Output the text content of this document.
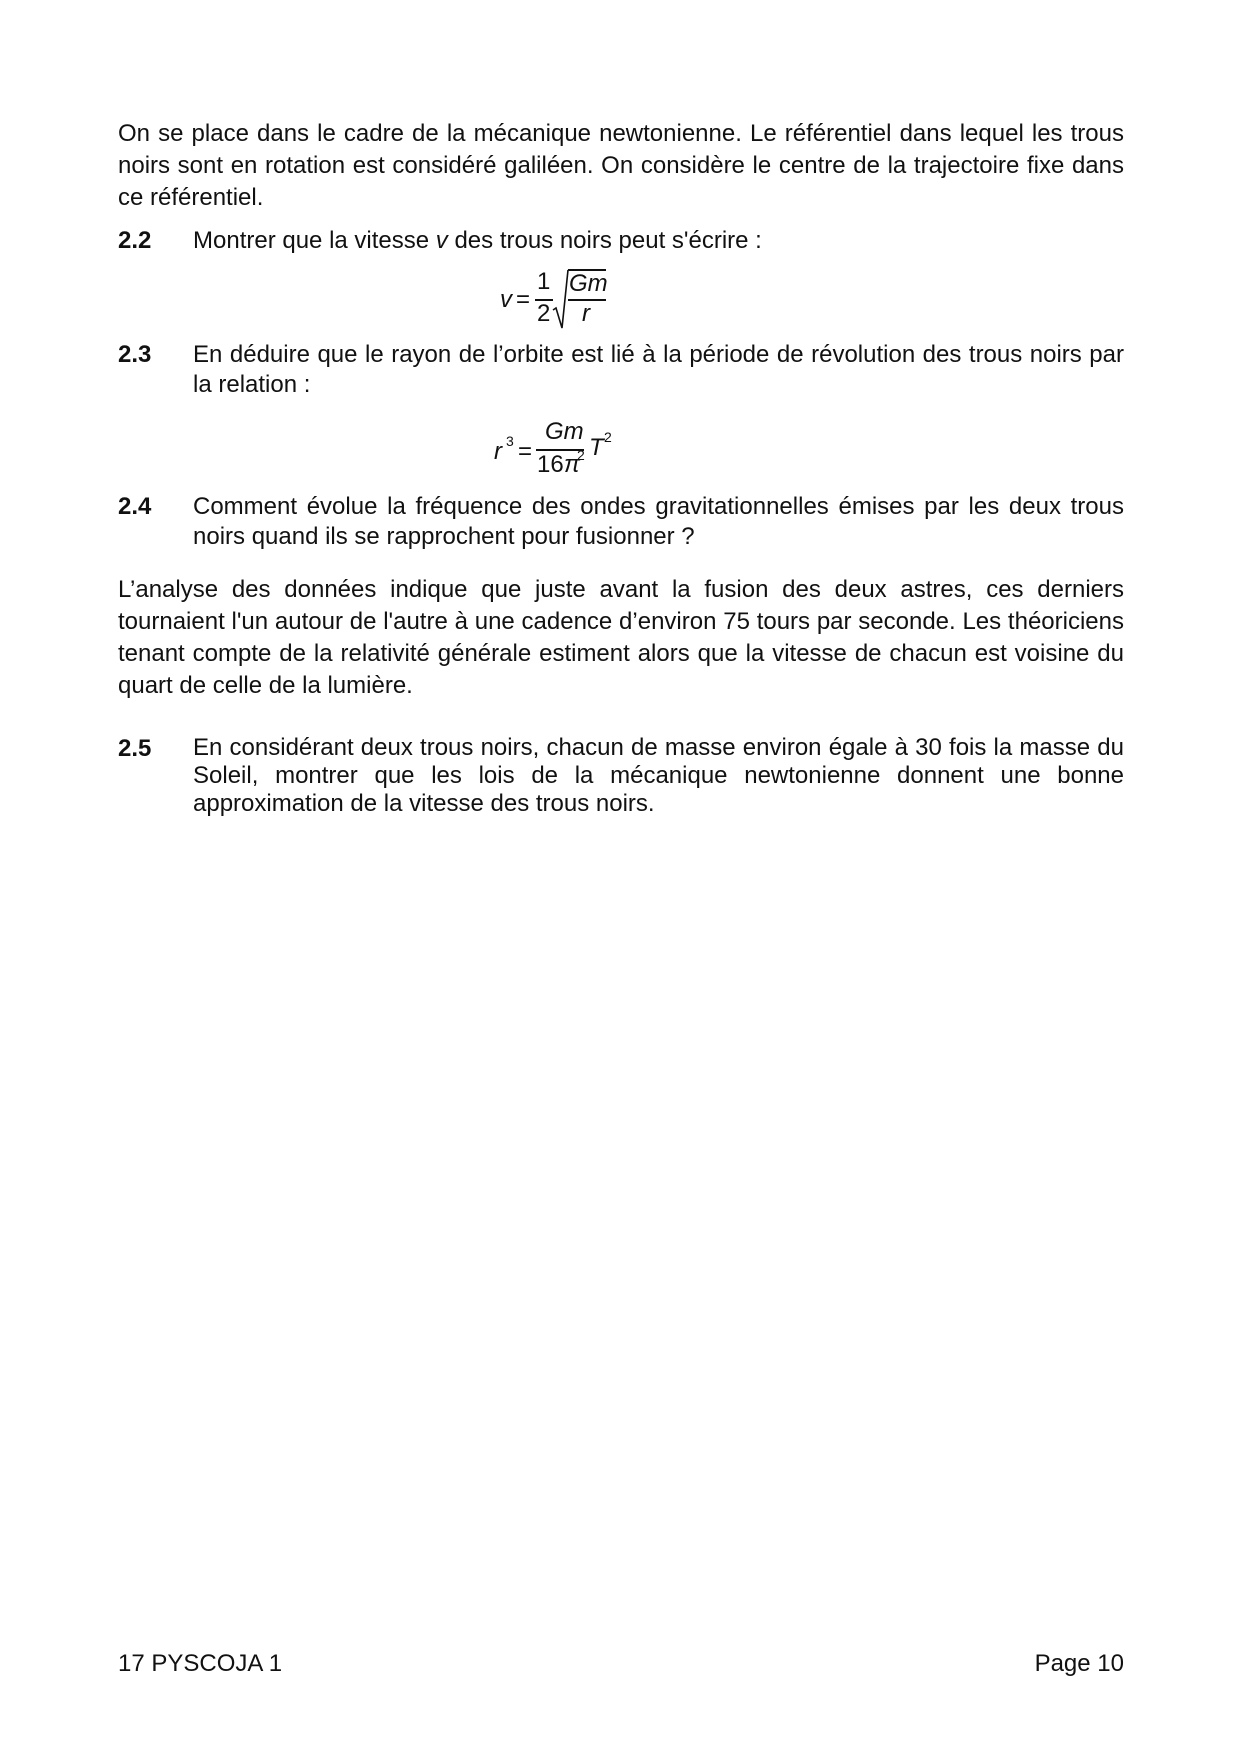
On se place dans le cadre de la mécanique newtonienne. Le référentiel dans lequel les trous noirs sont en rotation est considéré galiléen. On considère le centre de la trajectoire fixe dans ce référentiel.

2.2	Montrer que la vitesse v des trous noirs peut s'écrire :

v =
1
2
Gm
r
2.3	En déduire que le rayon de l’orbite est lié à la période de révolution des trous noirs par la relation :

r 3 =
Gm
16 π
2 T 2
2.4	Comment évolue la fréquence des ondes gravitationnelles émises par les deux trous noirs quand ils se rapprochent pour fusionner ?

L’analyse des données indique que juste avant la fusion des deux astres, ces derniers tournaient l'un autour de l'autre à une cadence d’environ 75 tours par seconde. Les théoriciens tenant compte de la relativité générale estiment alors que la vitesse de chacun est voisine du quart de celle de la lumière.

2.5	En considérant deux trous noirs, chacun de masse environ égale à 30 fois la masse du Soleil, montrer que les lois de la mécanique newtonienne donnent une bonne approximation de la vitesse des trous noirs.

17 PYSCOJA 1	Page 10
